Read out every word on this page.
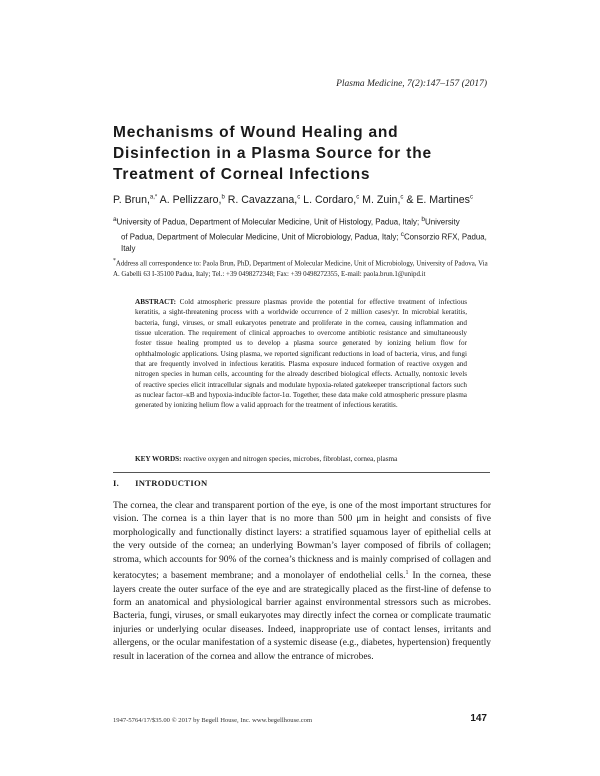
Plasma Medicine, 7(2):147–157 (2017)
Mechanisms of Wound Healing and Disinfection in a Plasma Source for the Treatment of Corneal Infections
P. Brun,$^{a,*}$ A. Pellizzaro,$^b$ R. Cavazzana,$^c$ L. Cordaro,$^c$ M. Zuin,$^c$ & E. Martines$^c$
$^a$University of Padua, Department of Molecular Medicine, Unit of Histology, Padua, Italy; $^b$University
of Padua, Department of Molecular Medicine, Unit of Microbiology, Padua, Italy; $^c$Consorzio RFX, Padua, Italy
*Address all correspondence to: Paola Brun, PhD, Department of Molecular Medicine, Unit of Microbiology, University of Padova, Via A. Gabelli 63 I-35100 Padua, Italy; Tel.: +39 0498272348; Fax: +39 0498272355, E-mail: paola.brun.1@unipd.it
ABSTRACT: Cold atmospheric pressure plasmas provide the potential for effective treatment of infectious keratitis, a sight-threatening process with a worldwide occurrence of 2 million cases/yr. In microbial keratitis, bacteria, fungi, viruses, or small eukaryotes penetrate and proliferate in the cornea, causing inflammation and tissue ulceration. The requirement of clinical approaches to overcome antibiotic resistance and simultaneously foster tissue healing prompted us to develop a plasma source generated by ionizing helium flow for ophthalmologic applications. Using plasma, we reported significant reductions in load of bacteria, virus, and fungi that are frequently involved in infectious keratitis. Plasma exposure induced formation of reactive oxygen and nitrogen species in human cells, accounting for the already described biological effects. Actually, nontoxic levels of reactive species elicit intracellular signals and modulate hypoxia-related gatekeeper transcriptional factors such as nuclear factor–κB and hypoxia-inducible factor-1α. Together, these data make cold atmospheric pressure plasma generated by ionizing helium flow a valid approach for the treatment of infectious keratitis.
KEY WORDS: reactive oxygen and nitrogen species, microbes, fibroblast, cornea, plasma
I. INTRODUCTION
The cornea, the clear and transparent portion of the eye, is one of the most important structures for vision. The cornea is a thin layer that is no more than 500 μm in height and consists of five morphologically and functionally distinct layers: a stratified squamous layer of epithelial cells at the very outside of the cornea; an underlying Bowman’s layer composed of fibrils of collagen; stroma, which accounts for 90% of the cornea’s thickness and is mainly comprised of collagen and keratocytes; a basement membrane; and a monolayer of endothelial cells.$^1$ In the cornea, these layers create the outer surface of the eye and are strategically placed as the first-line of defense to form an anatomical and physiological barrier against environmental stressors such as microbes. Bacteria, fungi, viruses, or small eukaryotes may directly infect the cornea or complicate traumatic injuries or underlying ocular diseases. Indeed, inappropriate use of contact lenses, irritants and allergens, or the ocular manifestation of a systemic disease (e.g., diabetes, hypertension) frequently result in laceration of the cornea and allow the entrance of microbes.
1947-5764/17/$35.00 © 2017 by Begell House, Inc. www.begellhouse.com	147
